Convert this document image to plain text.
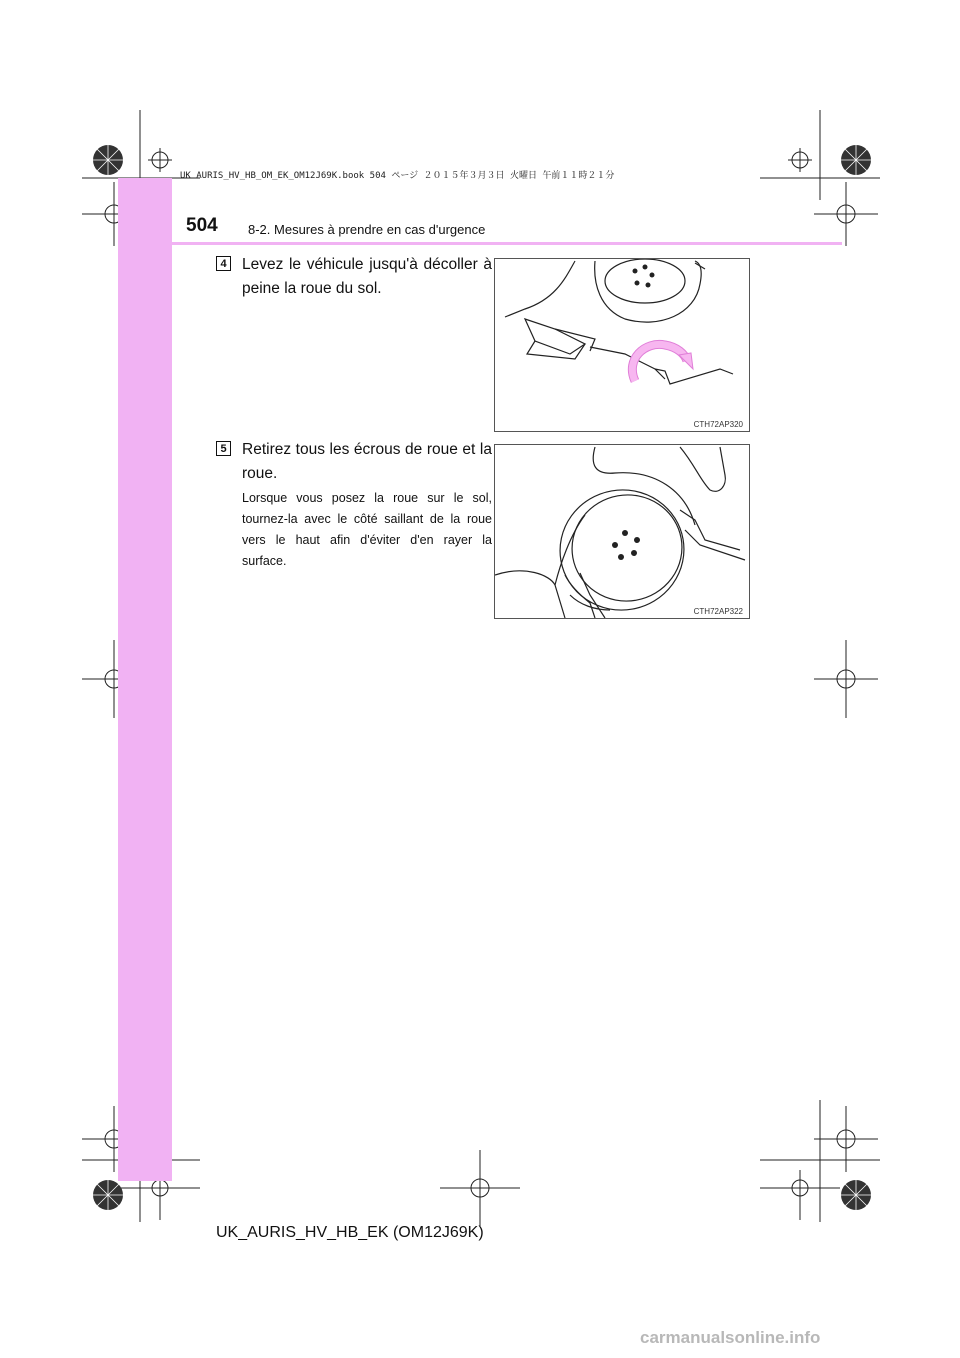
UK AURIS_HV_HB_OM_EK_OM12J69K.book 504 ページ ２０１５年３月３日 火曜日 午前１１時２１分
504 8-2. Mesures à prendre en cas d'urgence
4 Levez le véhicule jusqu'à décoller à peine la roue du sol.
CTH72AP320
5 Retirez tous les écrous de roue et la roue.
Lorsque vous posez la roue sur le sol, tournez-la avec le côté saillant de la roue vers le haut afin d'éviter d'en rayer la surface.
CTH72AP322
UK_AURIS_HV_HB_EK (OM12J69K)
carmanualsonline.info
